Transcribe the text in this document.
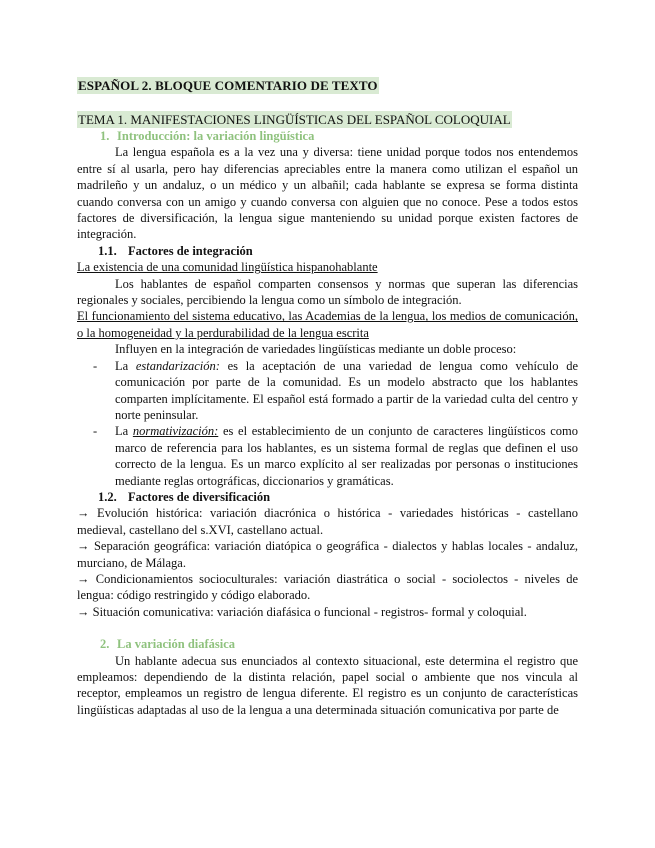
ESPAÑOL 2. BLOQUE COMENTARIO DE TEXTO
TEMA 1. MANIFESTACIONES LINGÜÍSTICAS DEL ESPAÑOL COLOQUIAL
1. Introducción: la variación lingüística

La lengua española es a la vez una y diversa: tiene unidad porque todos nos entendemos entre sí al usarla, pero hay diferencias apreciables entre la manera como utilizan el español un madrileño y un andaluz, o un médico y un albañil; cada hablante se expresa se forma distinta cuando conversa con un amigo y cuando conversa con alguien que no conoce. Pese a todos estos factores de diversificación, la lengua sigue manteniendo su unidad porque existen factores de integración.

1.1. Factores de integración

La existencia de una comunidad lingüística hispanohablante

Los hablantes de español comparten consensos y normas que superan las diferencias regionales y sociales, percibiendo la lengua como un símbolo de integración.

El funcionamiento del sistema educativo, las Academias de la lengua, los medios de comunicación, o la homogeneidad y la perdurabilidad de la lengua escrita

Influyen en la integración de variedades lingüísticas mediante un doble proceso:

- La estandarización: es la aceptación de una variedad de lengua como vehículo de comunicación por parte de la comunidad. Es un modelo abstracto que los hablantes comparten implícitamente. El español está formado a partir de la variedad culta del centro y norte peninsular.
- La normativización: es el establecimiento de un conjunto de caracteres lingüísticos como marco de referencia para los hablantes, es un sistema formal de reglas que definen el uso correcto de la lengua. Es un marco explícito al ser realizadas por personas o instituciones mediante reglas ortográficas, diccionarios y gramáticas.
1.2. Factores de diversificación

→ Evolución histórica: variación diacrónica o histórica - variedades históricas - castellano medieval, castellano del s.XVI, castellano actual.

→ Separación geográfica: variación diatópica o geográfica - dialectos y hablas locales - andaluz, murciano, de Málaga.

→ Condicionamientos socioculturales: variación diastrática o social - sociolectos - niveles de lengua: código restringido y código elaborado.

→ Situación comunicativa: variación diafásica o funcional - registros- formal y coloquial.

2. La variación diafásica

Un hablante adecua sus enunciados al contexto situacional, este determina el registro que empleamos: dependiendo de la distinta relación, papel social o ambiente que nos vincula al receptor, empleamos un registro de lengua diferente. El registro es un conjunto de características lingüísticas adaptadas al uso de la lengua a una determinada situación comunicativa por parte de
